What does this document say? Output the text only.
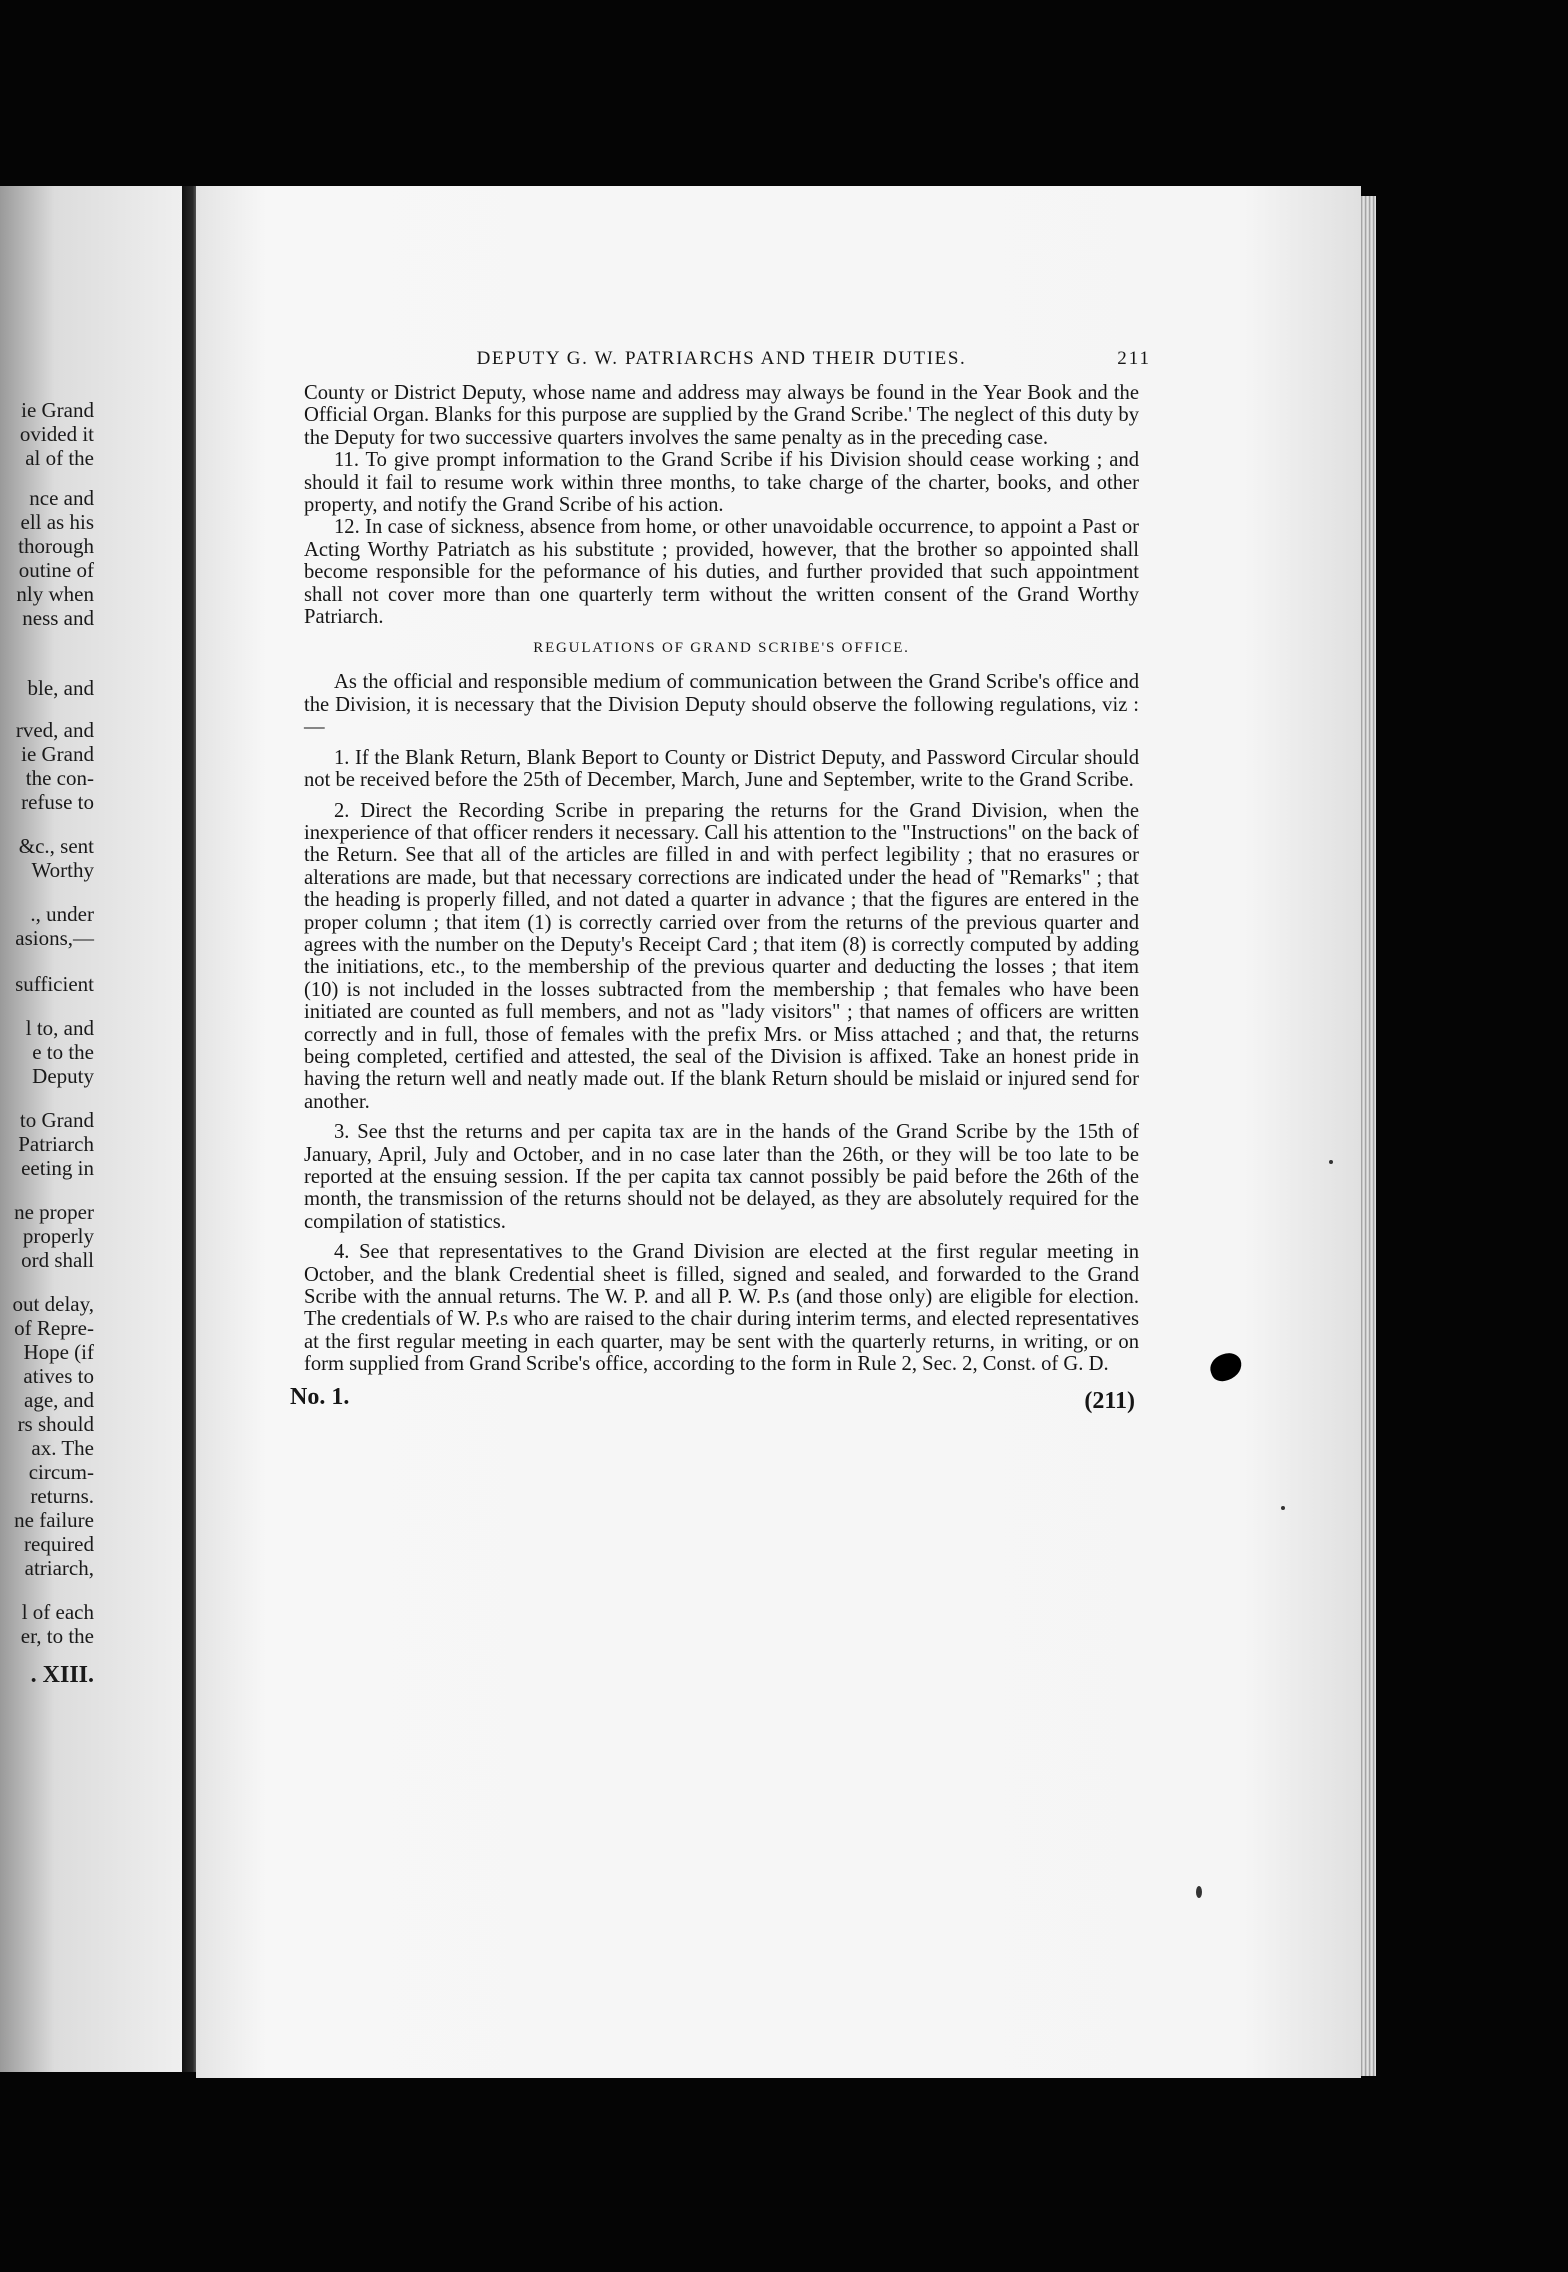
ie Grand
ovided it
al of the
nce and
ell as his
thorough
outine of
nly when
ness and
ble, and
rved, and
ie Grand
the con-
refuse to
&c., sent
Worthy
., under
asions,—
sufficient
l to, and
e to the
Deputy
to Grand
Patriarch
eeting in
ne proper
properly
ord shall
out delay,
of Repre-
Hope (if
atives to
age, and
rs should
ax. The
circum-
returns.
ne failure
required
atriarch,
l of each
er, to the
. XIII.
DEPUTY G. W. PATRIARCHS AND THEIR DUTIES.	211

County or District Deputy, whose name and address may always be found in the Year Book and the Official Organ. Blanks for this purpose are supplied by the Grand Scribe.' The neglect of this duty by the Deputy for two successive quarters involves the same penalty as in the preceding case.

11. To give prompt information to the Grand Scribe if his Division should cease working ; and should it fail to resume work within three months, to take charge of the charter, books, and other property, and notify the Grand Scribe of his action.

12. In case of sickness, absence from home, or other unavoidable occurrence, to appoint a Past or Acting Worthy Patriatch as his substitute ; provided, however, that the brother so appointed shall become responsible for the peformance of his duties, and further provided that such appointment shall not cover more than one quarterly term without the written consent of the Grand Worthy Patriarch.

REGULATIONS OF GRAND SCRIBE'S OFFICE.

As the official and responsible medium of communication between the Grand Scribe's office and the Division, it is necessary that the Division Deputy should observe the following regulations, viz :—

1. If the Blank Return, Blank Beport to County or District Deputy, and Password Circular should not be received before the 25th of December, March, June and September, write to the Grand Scribe.

2. Direct the Recording Scribe in preparing the returns for the Grand Division, when the inexperience of that officer renders it necessary. Call his attention to the "Instructions" on the back of the Return. See that all of the articles are filled in and with perfect legibility ; that no erasures or alterations are made, but that necessary corrections are indicated under the head of "Remarks" ; that the heading is properly filled, and not dated a quarter in advance ; that the figures are entered in the proper column ; that item (1) is correctly carried over from the returns of the previous quarter and agrees with the number on the Deputy's Receipt Card ; that item (8) is correctly computed by adding the initiations, etc., to the membership of the previous quarter and deducting the losses ; that item (10) is not included in the losses subtracted from the membership ; that females who have been initiated are counted as full members, and not as "lady visitors" ; that names of officers are written correctly and in full, those of females with the prefix Mrs. or Miss attached ; and that, the returns being completed, certified and attested, the seal of the Division is affixed. Take an honest pride in having the return well and neatly made out. If the blank Return should be mislaid or injured send for another.

3. See thst the returns and per capita tax are in the hands of the Grand Scribe by the 15th of January, April, July and October, and in no case later than the 26th, or they will be too late to be reported at the ensuing session. If the per capita tax cannot possibly be paid before the 26th of the month, the transmission of the returns should not be delayed, as they are absolutely required for the compilation of statistics.

4. See that representatives to the Grand Division are elected at the first regular meeting in October, and the blank Credential sheet is filled, signed and sealed, and forwarded to the Grand Scribe with the annual returns. The W. P. and all P. W. P.s (and those only) are eligible for election. The credentials of W. P.s who are raised to the chair during interim terms, and elected representatives at the first regular meeting in each quarter, may be sent with the quarterly returns, in writing, or on form supplied from Grand Scribe's office, according to the form in Rule 2, Sec. 2, Const. of G. D.

No. 1.	(211)
